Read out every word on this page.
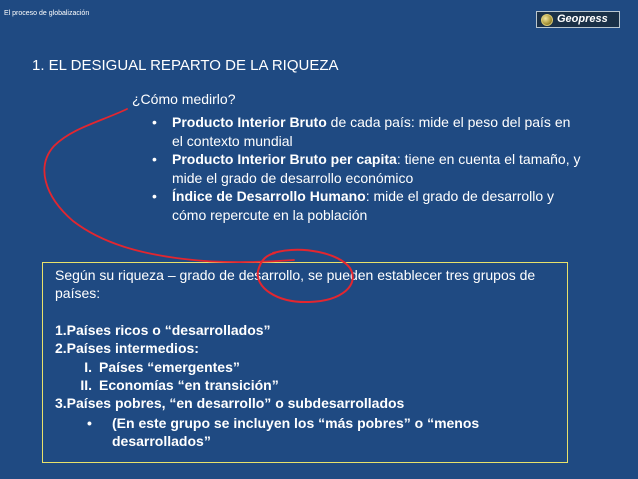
El proceso de globalización	Geopress
1. EL DESIGUAL REPARTO DE LA RIQUEZA
¿Cómo medirlo?
• Producto Interior Bruto de cada país: mide el peso del país en el contexto mundial
• Producto Interior Bruto per capita: tiene en cuenta el tamaño, y mide el grado de desarrollo económico
• Índice de Desarrollo Humano: mide el grado de desarrollo y cómo repercute en la población

Según su riqueza – grado de desarrollo, se pueden establecer tres grupos de países:

1.Países ricos o “desarrollados”

2.Países intermedios:

I. Países “emergentes”
II. Economías “en transición”

3.Países pobres, “en desarrollo” o subdesarrollados

• (En este grupo se incluyen los “más pobres” o “menos desarrollados”
